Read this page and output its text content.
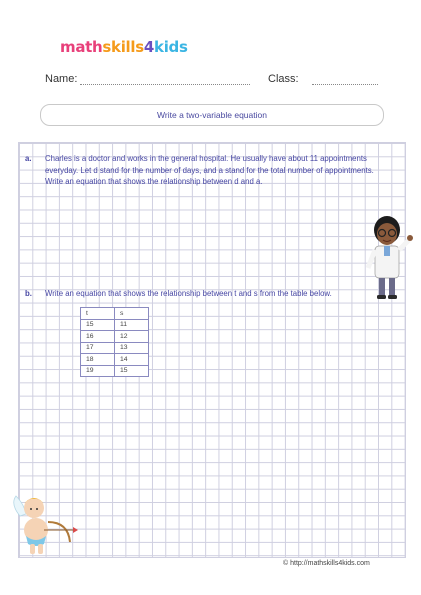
mathskills4kids
Name:	Class:
Write a two-variable equation
a. Charles is a doctor and works in the general hospital. He usually have about 11 appointments
everyday. Let d stand for the number of days, and a stand for the total number of appointments.
Write an equation that shows the relationship between d and a.
b. Write an equation that shows the relationship between t and s from the table below.
t	s
15	11
16	12
17	13
18	14
19	15
© http://mathskills4kids.com
